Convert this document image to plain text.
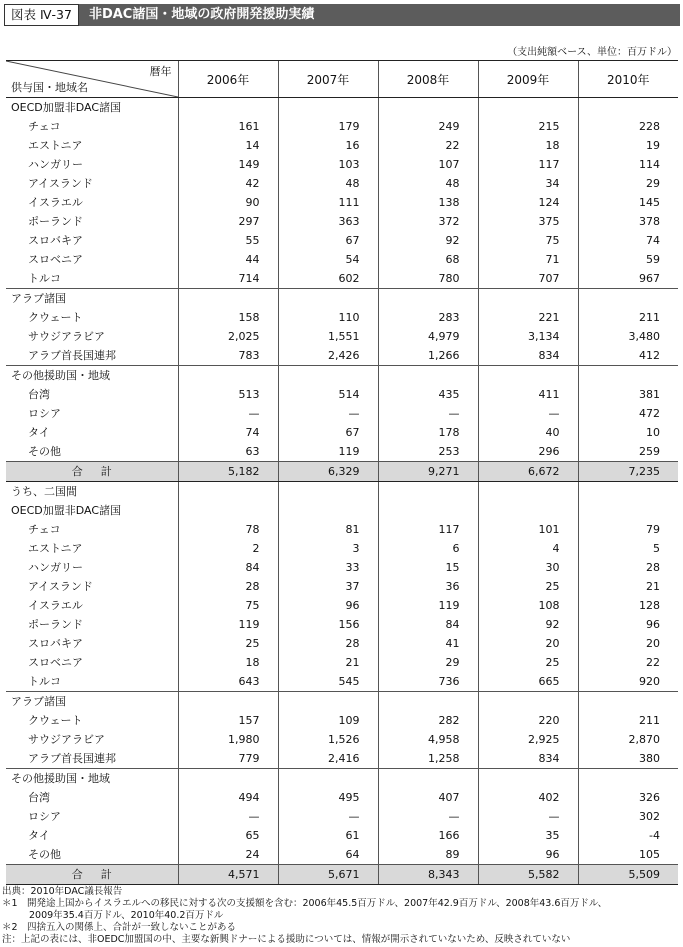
図表 Ⅳ-37	非DAC諸国・地域の政府開発援助実績
（支出純額ベース、単位：百万ドル）
暦年
供与国・地域名	2006年	2007年	2008年	2009年	2010年
OECD加盟非DAC諸国					
チェコ	161	179	249	215	228
エストニア	14	16	22	18	19
ハンガリー	149	103	107	117	114
アイスランド	42	48	48	34	29
イスラエル	90	111	138	124	145
ポーランド	297	363	372	375	378
スロバキア	55	67	92	75	74
スロベニア	44	54	68	71	59
トルコ	714	602	780	707	967
アラブ諸国					
クウェート	158	110	283	221	211
サウジアラビア	2,025	1,551	4,979	3,134	3,480
アラブ首長国連邦	783	2,426	1,266	834	412
その他援助国・地域					
台湾	513	514	435	411	381
ロシア	—	—	—	—	472
タイ	74	67	178	40	10
その他	63	119	253	296	259
合計	5,182	6,329	9,271	6,672	7,235
うち、二国間					
OECD加盟非DAC諸国					
チェコ	78	81	117	101	79
エストニア	2	3	6	4	5
ハンガリー	84	33	15	30	28
アイスランド	28	37	36	25	21
イスラエル	75	96	119	108	128
ポーランド	119	156	84	92	96
スロバキア	25	28	41	20	20
スロベニア	18	21	29	25	22
トルコ	643	545	736	665	920
アラブ諸国					
クウェート	157	109	282	220	211
サウジアラビア	1,980	1,526	4,958	2,925	2,870
アラブ首長国連邦	779	2,416	1,258	834	380
その他援助国・地域					
台湾	494	495	407	402	326
ロシア	—	—	—	—	302
タイ	65	61	166	35	-4
その他	24	64	89	96	105
合計	4,571	5,671	8,343	5,582	5,509
出典：2010年DAC議長報告
＊1　開発途上国からイスラエルへの移民に対する次の支援額を含む：2006年45.5百万ドル、2007年42.9百万ドル、2008年43.6百万ドル、
2009年35.4百万ドル、2010年40.2百万ドル
＊2　四捨五入の関係上、合計が一致しないことがある
注：上記の表には、非OEDC加盟国の中、主要な新興ドナーによる援助については、情報が開示されていないため、反映されていない
